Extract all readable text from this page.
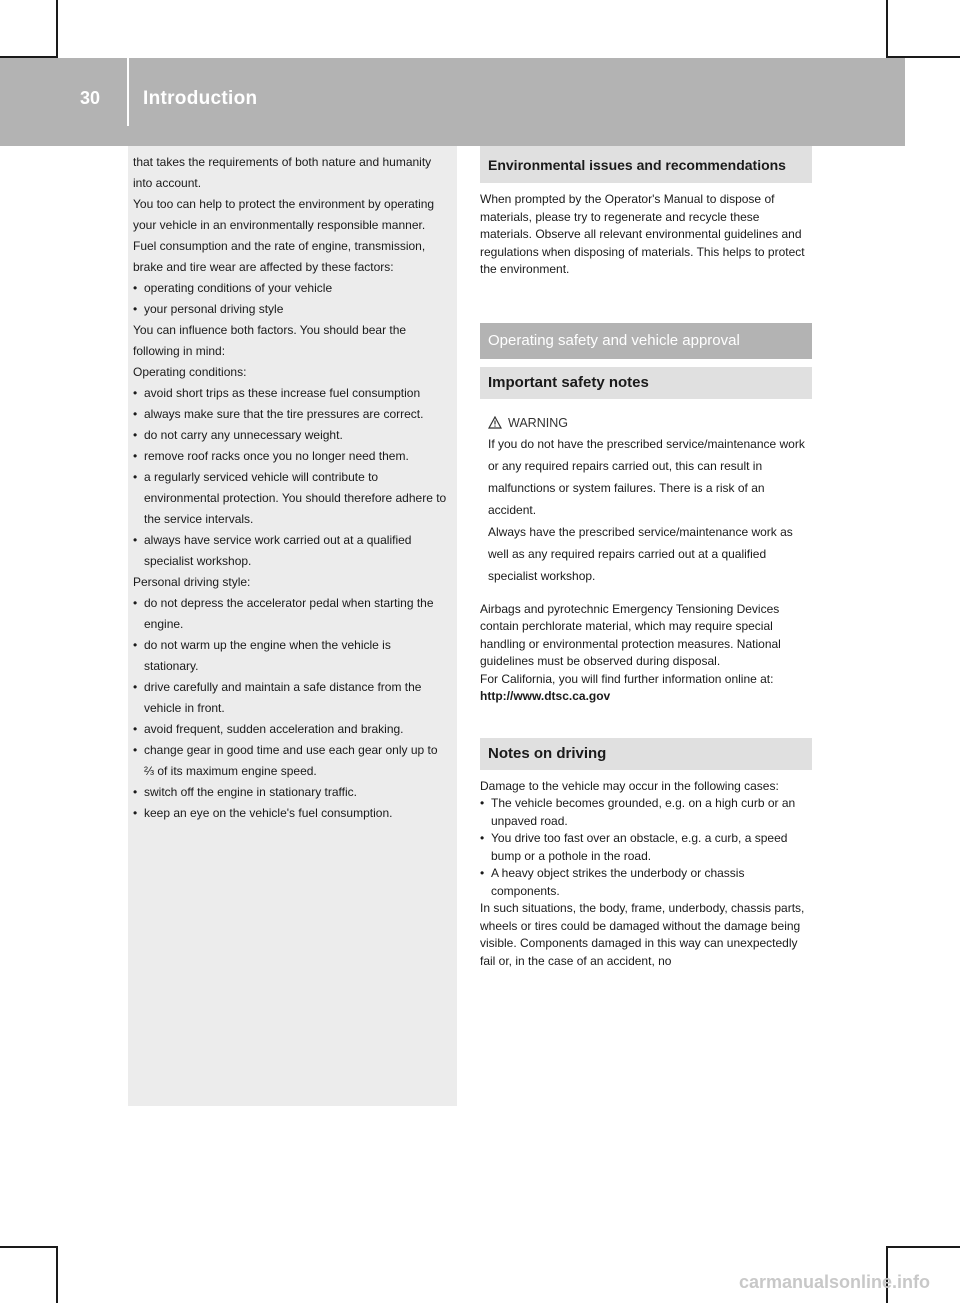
30 Introduction

that takes the requirements of both nature and humanity into account.

You too can help to protect the environment by operating your vehicle in an environmentally responsible manner.

Fuel consumption and the rate of engine, transmission, brake and tire wear are affected by these factors:

• operating conditions of your vehicle

• your personal driving style

You can influence both factors. You should bear the following in mind:

Operating conditions:

• avoid short trips as these increase fuel consumption

• always make sure that the tire pressures are correct.

• do not carry any unnecessary weight.

• remove roof racks once you no longer need them.

• a regularly serviced vehicle will contribute to environmental protection. You should therefore adhere to the service intervals.

• always have service work carried out at a qualified specialist workshop.

Personal driving style:

• do not depress the accelerator pedal when starting the engine.

• do not warm up the engine when the vehicle is stationary.

• drive carefully and maintain a safe distance from the vehicle in front.

• avoid frequent, sudden acceleration and braking.

• change gear in good time and use each gear only up to ⅔ of its maximum engine speed.

• switch off the engine in stationary traffic.

• keep an eye on the vehicle's fuel consumption.

Environmental issues and recommendations

When prompted by the Operator's Manual to dispose of materials, please try to regenerate and recycle these materials. Observe all relevant environmental guidelines and regulations when disposing of materials. This helps to protect the environment.

Operating safety and vehicle approval
Important safety notes
WARNING

If you do not have the prescribed service/maintenance work or any required repairs carried out, this can result in malfunctions or system failures. There is a risk of an accident.

Always have the prescribed service/maintenance work as well as any required repairs carried out at a qualified specialist workshop.

Airbags and pyrotechnic Emergency Tensioning Devices contain perchlorate material, which may require special handling or environmental protection measures. National guidelines must be observed during disposal.

For California, you will find further information online at: http://www.dtsc.ca.gov

Notes on driving

Damage to the vehicle may occur in the following cases:

• The vehicle becomes grounded, e.g. on a high curb or an unpaved road.

• You drive too fast over an obstacle, e.g. a curb, a speed bump or a pothole in the road.

• A heavy object strikes the underbody or chassis components.

In such situations, the body, frame, underbody, chassis parts, wheels or tires could be damaged without the damage being visible. Components damaged in this way can unexpectedly fail or, in the case of an accident, no

carmanualsonline.info
